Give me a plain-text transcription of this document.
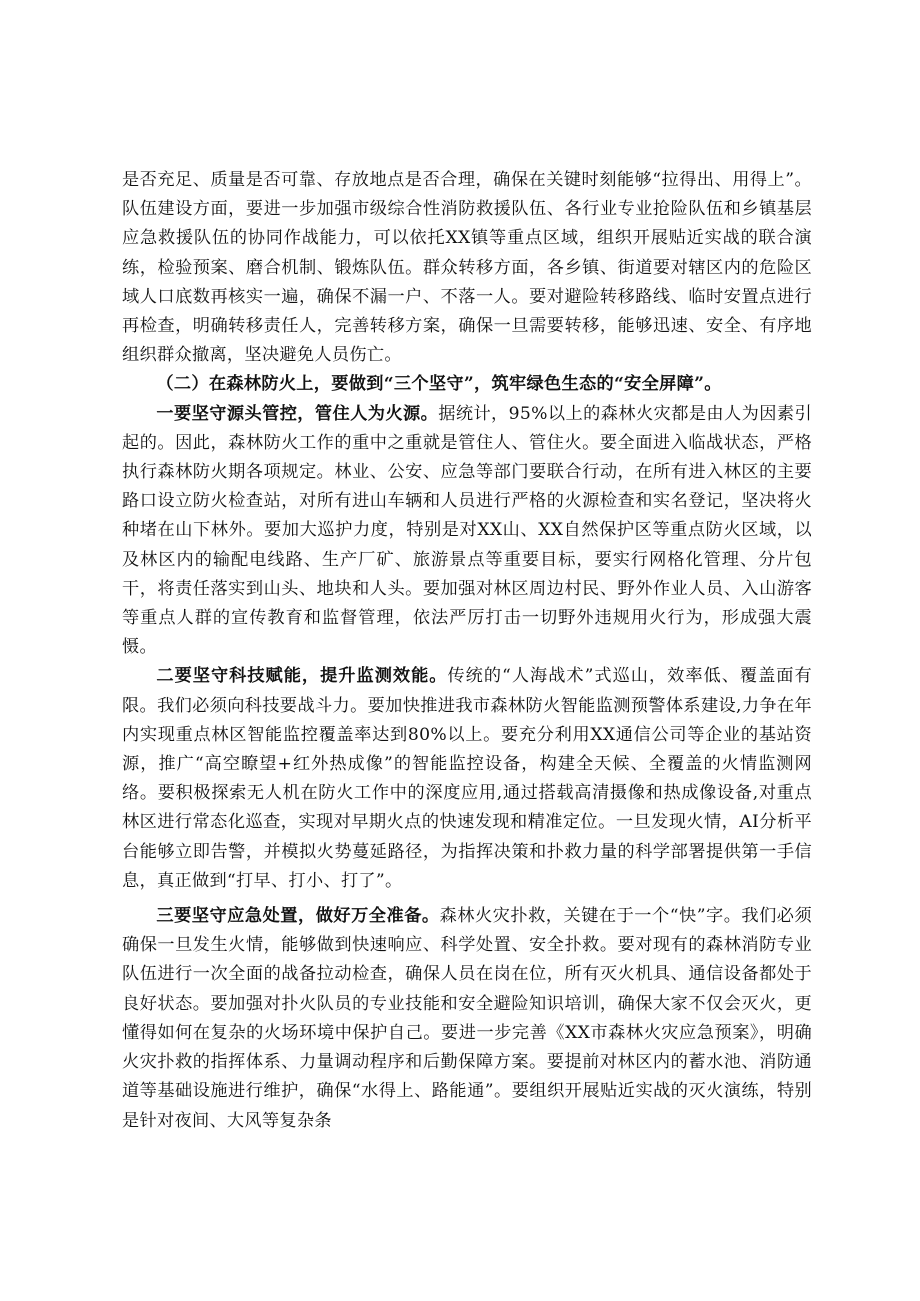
是否充足、质量是否可靠、存放地点是否合理，确保在关键时刻能够“拉得出、用得上”。队伍建设方面，要进一步加强市级综合性消防救援队伍、各行业专业抢险队伍和乡镇基层应急救援队伍的协同作战能力，可以依托XX镇等重点区域，组织开展贴近实战的联合演练，检验预案、磨合机制、锻炼队伍。群众转移方面，各乡镇、街道要对辖区内的危险区域人口底数再核实一遍，确保不漏一户、不落一人。要对避险转移路线、临时安置点进行再检查，明确转移责任人，完善转移方案，确保一旦需要转移，能够迅速、安全、有序地组织群众撤离，坚决避免人员伤亡。

（二）在森林防火上，要做到“三个坚守”，筑牢绿色生态的“安全屏障”。

一要坚守源头管控，管住人为火源。据统计，95%以上的森林火灾都是由人为因素引起的。因此，森林防火工作的重中之重就是管住人、管住火。要全面进入临战状态，严格执行森林防火期各项规定。林业、公安、应急等部门要联合行动，在所有进入林区的主要路口设立防火检查站，对所有进山车辆和人员进行严格的火源检查和实名登记，坚决将火种堵在山下林外。要加大巡护力度，特别是对XX山、XX自然保护区等重点防火区域，以及林区内的输配电线路、生产厂矿、旅游景点等重要目标，要实行网格化管理、分片包干，将责任落实到山头、地块和人头。要加强对林区周边村民、野外作业人员、入山游客等重点人群的宣传教育和监督管理，依法严厉打击一切野外违规用火行为，形成强大震慑。

二要坚守科技赋能，提升监测效能。传统的“人海战术”式巡山，效率低、覆盖面有限。我们必须向科技要战斗力。要加快推进我市森林防火智能监测预警体系建设,力争在年内实现重点林区智能监控覆盖率达到80%以上。要充分利用XX通信公司等企业的基站资源，推广“高空瞭望+红外热成像”的智能监控设备，构建全天候、全覆盖的火情监测网络。要积极探索无人机在防火工作中的深度应用,通过搭载高清摄像和热成像设备,对重点林区进行常态化巡查，实现对早期火点的快速发现和精准定位。一旦发现火情，AI分析平台能够立即告警，并模拟火势蔓延路径，为指挥决策和扑救力量的科学部署提供第一手信息，真正做到“打早、打小、打了”。

三要坚守应急处置，做好万全准备。森林火灾扑救，关键在于一个“快”字。我们必须确保一旦发生火情，能够做到快速响应、科学处置、安全扑救。要对现有的森林消防专业队伍进行一次全面的战备拉动检查，确保人员在岗在位，所有灭火机具、通信设备都处于良好状态。要加强对扑火队员的专业技能和安全避险知识培训，确保大家不仅会灭火，更懂得如何在复杂的火场环境中保护自己。要进一步完善《XX市森林火灾应急预案》，明确火灾扑救的指挥体系、力量调动程序和后勤保障方案。要提前对林区内的蓄水池、消防通道等基础设施进行维护，确保“水得上、路能通”。要组织开展贴近实战的灭火演练，特别是针对夜间、大风等复杂条
